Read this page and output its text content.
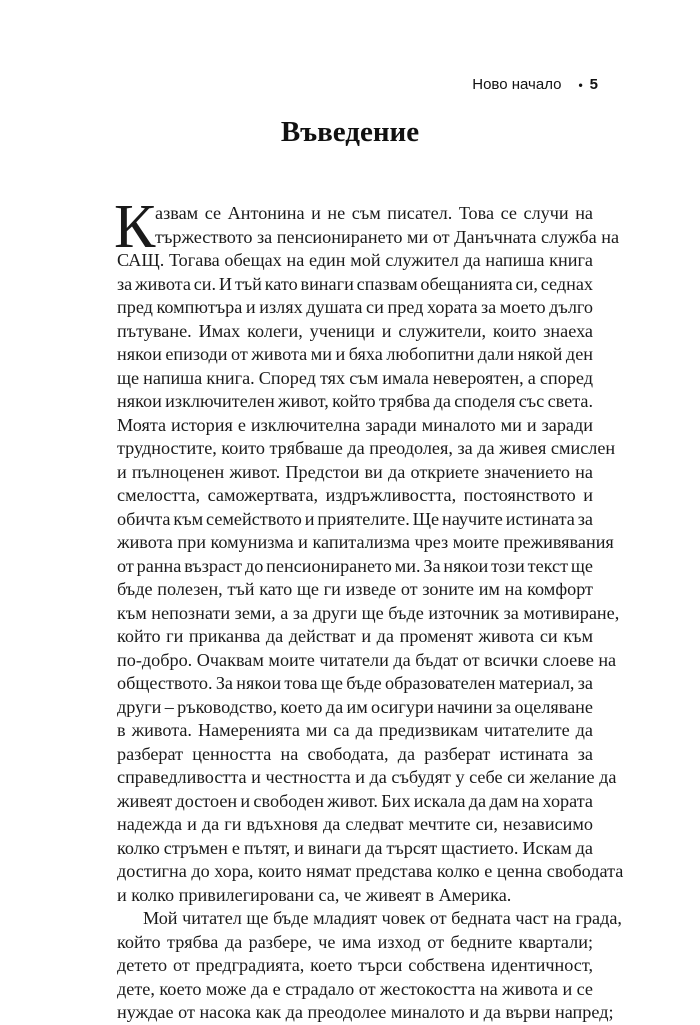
Ново начало • 5
Въведение
К азвам се Антонина и не съм писател. Това се случи на
тържеството за пенсионирането ми от Данъчната служба на
САЩ. Тогава обещах на един мой служител да напиша книга
за живота си. И тъй като винаги спазвам обещанията си, седнах
пред компютъра и излях душата си пред хората за моето дълго
пътуване. Имах колеги, ученици и служители, които знаеха
някои епизоди от живота ми и бяха любопитни дали някой ден
ще напиша книга. Според тях съм имала невероятен, а според
някои изключителен живот, който трябва да споделя със света.
Моята история е изключителна заради миналото ми и заради
трудностите, които трябваше да преодолея, за да живея смислен
и пълноценен живот. Предстои ви да откриете значението на
смелостта, саможертвата, издръжливостта, постоянството и
обичта към семейството и приятелите. Ще научите истината за
живота при комунизма и капитализма чрез моите преживявания
от ранна възраст до пенсионирането ми. За някои този текст ще
бъде полезен, тъй като ще ги изведе от зоните им на комфорт
към непознати земи, а за други ще бъде източник за мотивиране,
който ги приканва да действат и да променят живота си към
по-добро. Очаквам моите читатели да бъдат от всички слоеве на
обществото. За някои това ще бъде образователен материал, за
други – ръководство, което да им осигури начини за оцеляване
в живота. Намеренията ми са да предизвикам читателите да
разберат ценността на свободата, да разберат истината за
справедливостта и честността и да събудят у себе си желание да
живеят достоен и свободен живот. Бих искала да дам на хората
надежда и да ги вдъхновя да следват мечтите си, независимо
колко стръмен е пътят, и винаги да търсят щастието. Искам да
достигна до хора, които нямат представа колко е ценна свободата
и колко привилегировани са, че живеят в Америка.
Мой читател ще бъде младият човек от бедната част на града,
който трябва да разбере, че има изход от бедните квартали;
детето от предградията, което търси собствена идентичност,
дете, което може да е страдало от жестокостта на живота и се
нуждае от насока как да преодолее миналото и да върви напред;
